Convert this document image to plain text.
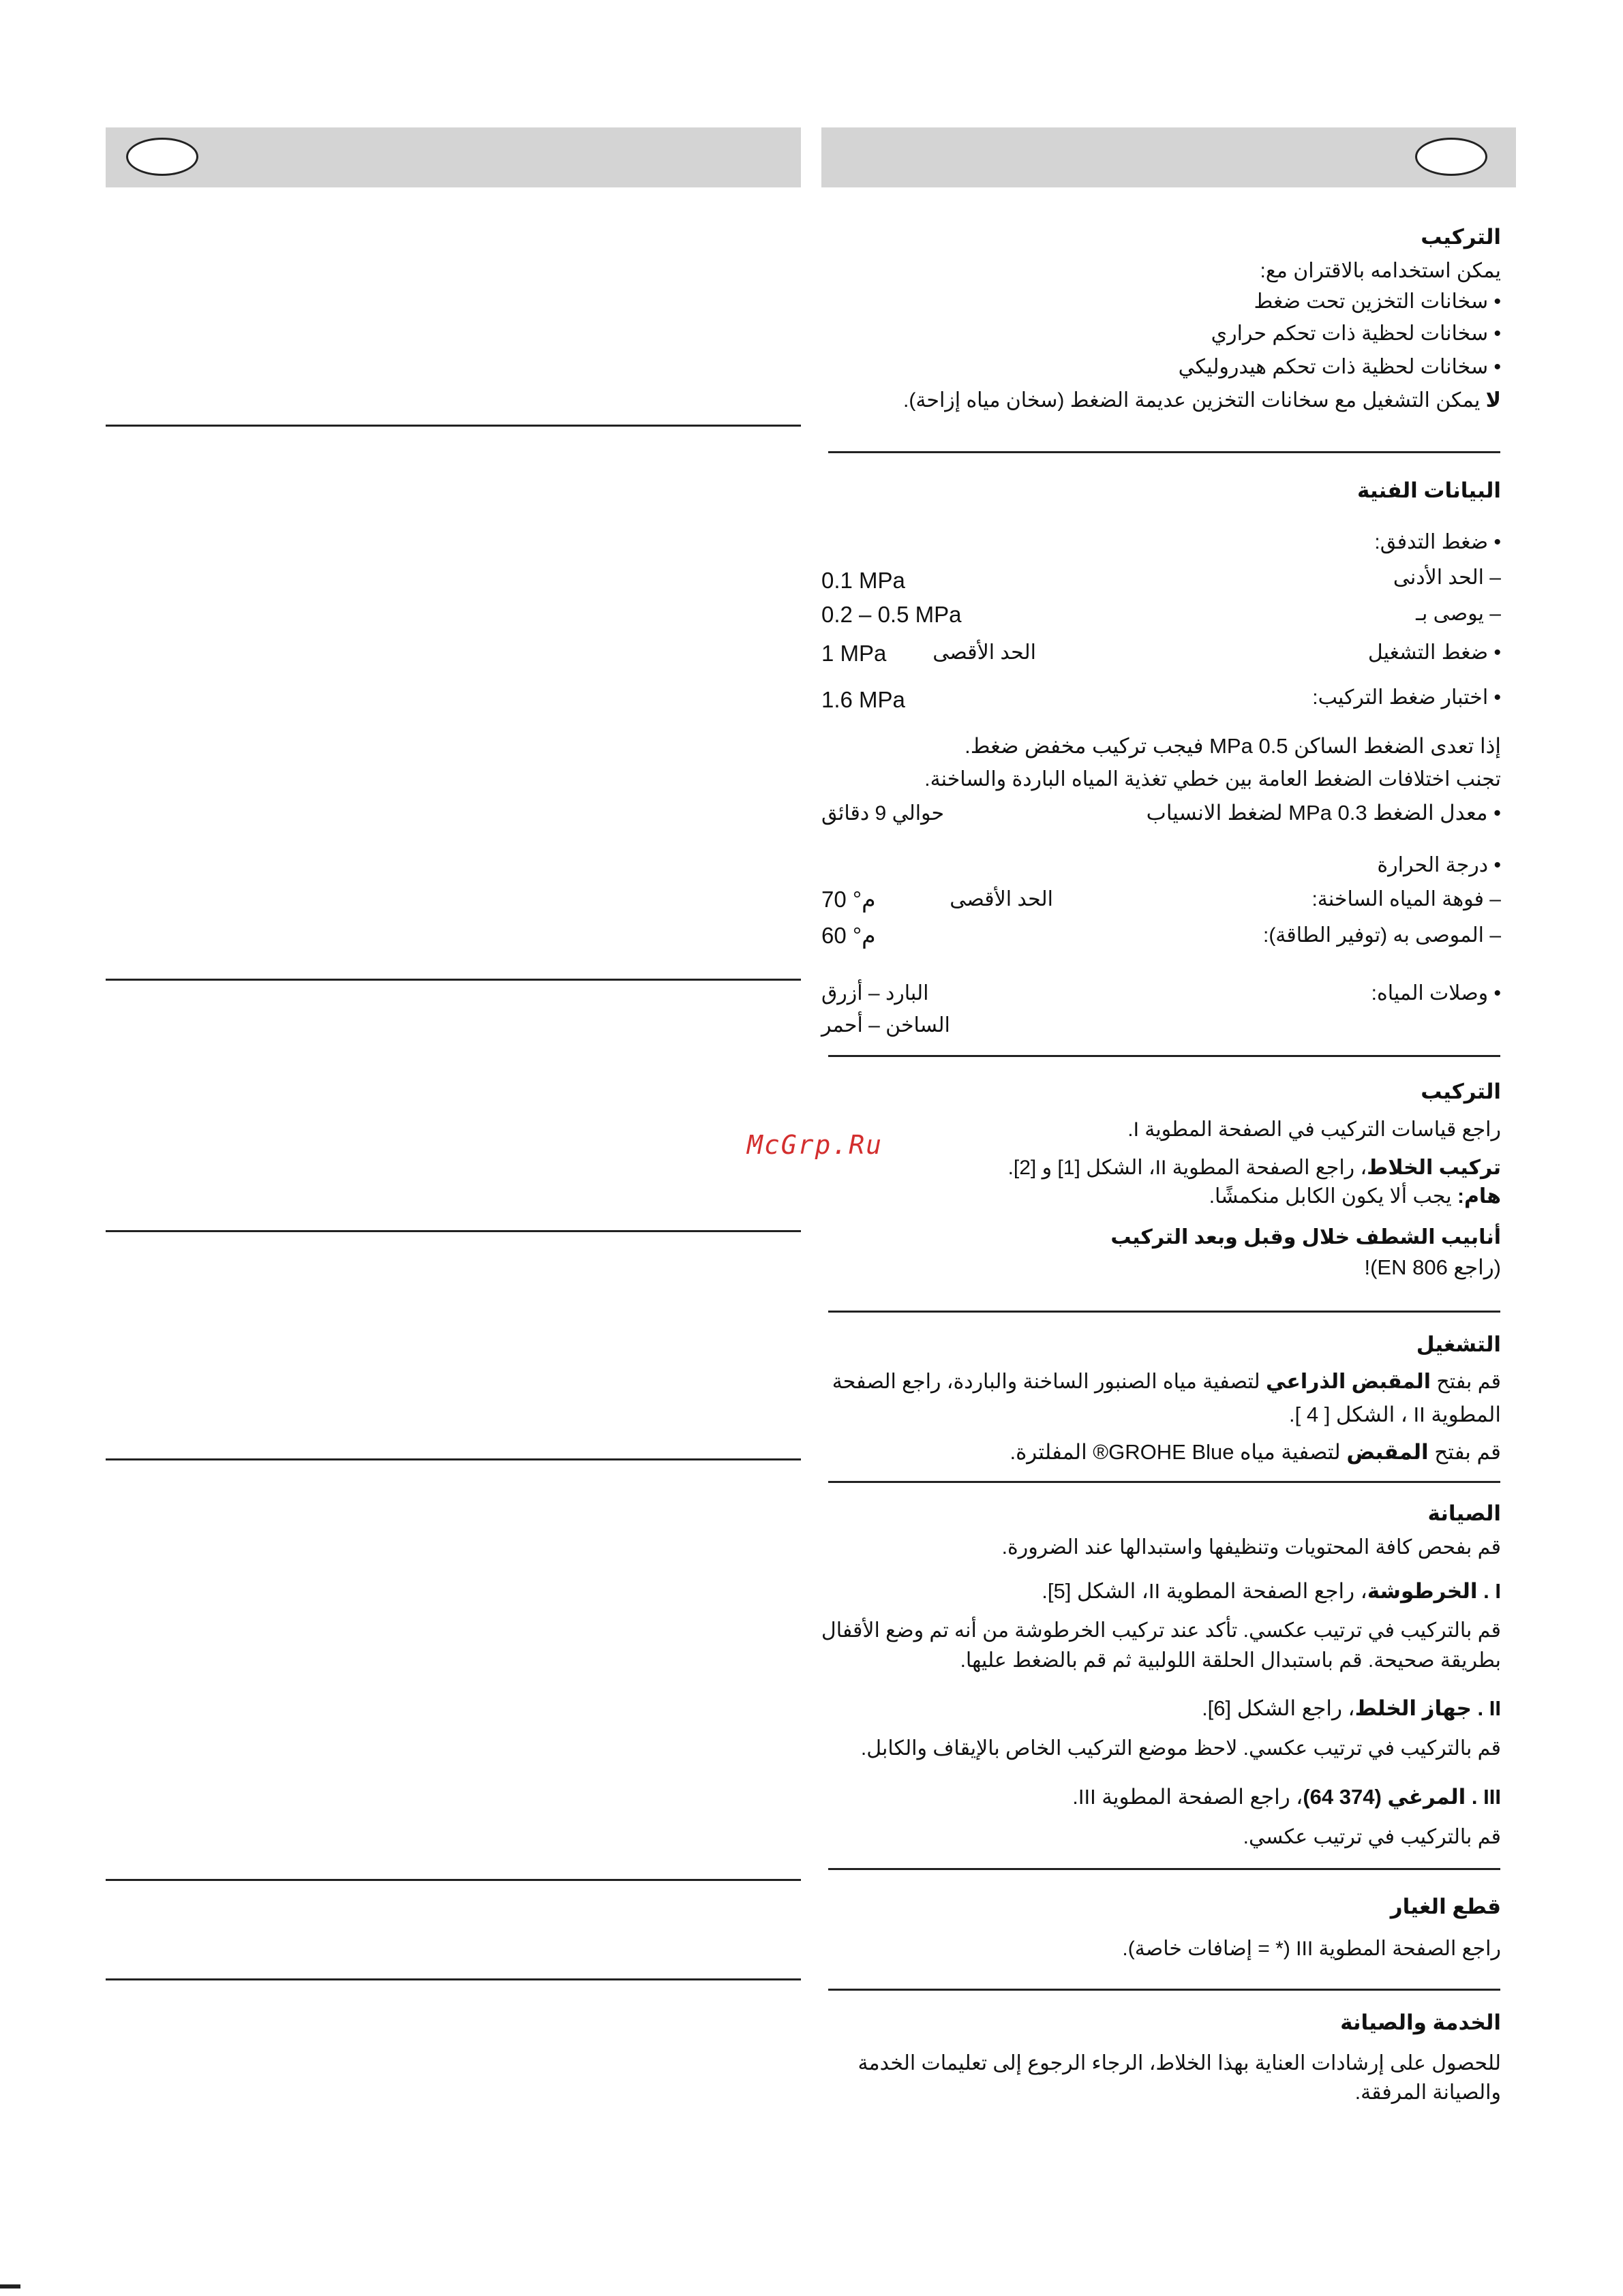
McGrp.Ru
التركيب
يمكن استخدامه بالاقتران مع:
• سخانات التخزين تحت ضغط
• سخانات لحظية ذات تحكم حراري
• سخانات لحظية ذات تحكم هيدروليكي
لا يمكن التشغيل مع سخانات التخزين عديمة الضغط (سخان مياه إزاحة).
البيانات الفنية
• ضغط التدفق:
– الحد الأدنى
0.1 MPa
– يوصى بـ
0.2 – 0.5 MPa
• ضغط التشغيل
الحد الأقصى
1 MPa
• اختبار ضغط التركيب:
1.6 MPa
إذا تعدى الضغط الساكن 0.5 MPa فيجب تركيب مخفض ضغط.
تجنب اختلافات الضغط العامة بين خطي تغذية المياه الباردة والساخنة.
• معدل الضغط 0.3 MPa لضغط الانسياب
حوالي 9 دقائق
• درجة الحرارة
– فوهة المياه الساخنة:
الحد الأقصى
70 °م
– الموصى به (توفير الطاقة):
60 °م
• وصلات المياه:
البارد – أزرق
الساخن – أحمر
التركيب
راجع قياسات التركيب في الصفحة المطوية I.
تركيب الخلاط، راجع الصفحة المطوية II، الشكل [1] و [2].
هام: يجب ألا يكون الكابل منكمشًا.
أنابيب الشطف خلال وقبل وبعد التركيب
(راجع EN 806)!
التشغيل
قم بفتح المقبض الذراعي لتصفية مياه الصنبور الساخنة والباردة، راجع الصفحة
المطوية II ، الشكل [ 4 ].
قم بفتح المقبض لتصفية مياه GROHE Blue® المفلترة.
الصيانة
قم بفحص كافة المحتويات وتنظيفها واستبدالها عند الضرورة.
I . الخرطوشة، راجع الصفحة المطوية II، الشكل [5].
قم بالتركيب في ترتيب عكسي. تأكد عند تركيب الخرطوشة من أنه تم وضع الأقفال
بطريقة صحيحة. قم باستبدال الحلقة اللولبية ثم قم بالضغط عليها.
II . جهاز الخلط، راجع الشكل [6].
قم بالتركيب في ترتيب عكسي. لاحظ موضع التركيب الخاص بالإيقاف والكابل.
III . المرغي (374 64)، راجع الصفحة المطوية III.
قم بالتركيب في ترتيب عكسي.
قطع الغيار
راجع الصفحة المطوية III (* = إضافات خاصة).
الخدمة والصيانة
للحصول على إرشادات العناية بهذا الخلاط، الرجاء الرجوع إلى تعليمات الخدمة
والصيانة المرفقة.
